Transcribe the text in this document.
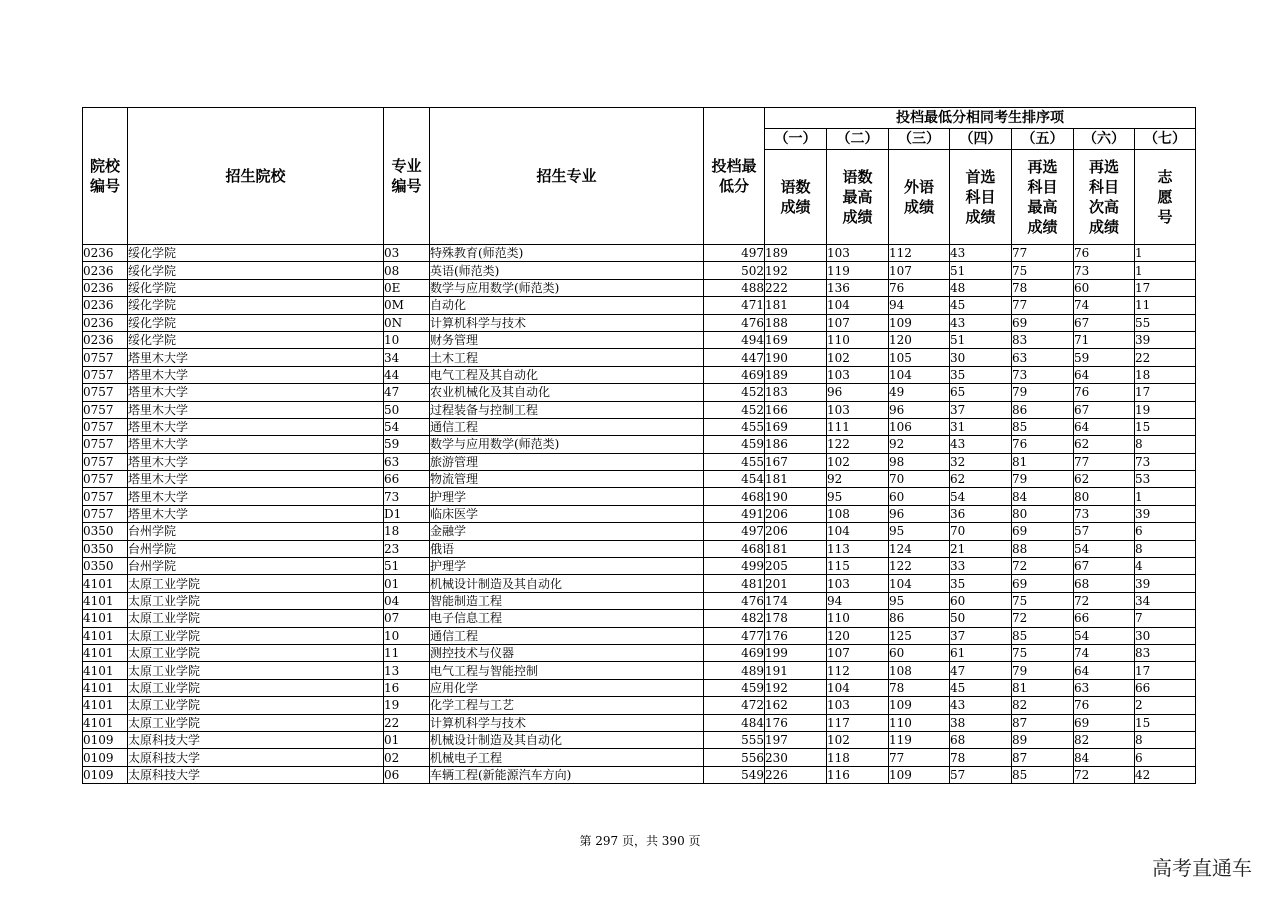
院校编号	招生院校	专业编号	招生专业	投档最低分	投档最低分相同考生排序项						
					（一）	（二）	（三）	（四）	（五）	（六）	（七）
					语数成绩	语数最高成绩	外语成绩	首选科目成绩	再选科目最高成绩	再选科目次高成绩	志愿号
0236	绥化学院	03	特殊教育(师范类)	497	189	103	112	43	77	76	1
0236	绥化学院	08	英语(师范类)	502	192	119	107	51	75	73	1
0236	绥化学院	0E	数学与应用数学(师范类)	488	222	136	76	48	78	60	17
0236	绥化学院	0M	自动化	471	181	104	94	45	77	74	11
0236	绥化学院	0N	计算机科学与技术	476	188	107	109	43	69	67	55
0236	绥化学院	10	财务管理	494	169	110	120	51	83	71	39
0757	塔里木大学	34	土木工程	447	190	102	105	30	63	59	22
0757	塔里木大学	44	电气工程及其自动化	469	189	103	104	35	73	64	18
0757	塔里木大学	47	农业机械化及其自动化	452	183	96	49	65	79	76	17
0757	塔里木大学	50	过程装备与控制工程	452	166	103	96	37	86	67	19
0757	塔里木大学	54	通信工程	455	169	111	106	31	85	64	15
0757	塔里木大学	59	数学与应用数学(师范类)	459	186	122	92	43	76	62	8
0757	塔里木大学	63	旅游管理	455	167	102	98	32	81	77	73
0757	塔里木大学	66	物流管理	454	181	92	70	62	79	62	53
0757	塔里木大学	73	护理学	468	190	95	60	54	84	80	1
0757	塔里木大学	D1	临床医学	491	206	108	96	36	80	73	39
0350	台州学院	18	金融学	497	206	104	95	70	69	57	6
0350	台州学院	23	俄语	468	181	113	124	21	88	54	8
0350	台州学院	51	护理学	499	205	115	122	33	72	67	4
4101	太原工业学院	01	机械设计制造及其自动化	481	201	103	104	35	69	68	39
4101	太原工业学院	04	智能制造工程	476	174	94	95	60	75	72	34
4101	太原工业学院	07	电子信息工程	482	178	110	86	50	72	66	7
4101	太原工业学院	10	通信工程	477	176	120	125	37	85	54	30
4101	太原工业学院	11	测控技术与仪器	469	199	107	60	61	75	74	83
4101	太原工业学院	13	电气工程与智能控制	489	191	112	108	47	79	64	17
4101	太原工业学院	16	应用化学	459	192	104	78	45	81	63	66
4101	太原工业学院	19	化学工程与工艺	472	162	103	109	43	82	76	2
4101	太原工业学院	22	计算机科学与技术	484	176	117	110	38	87	69	15
0109	太原科技大学	01	机械设计制造及其自动化	555	197	102	119	68	89	82	8
0109	太原科技大学	02	机械电子工程	556	230	118	77	78	87	84	6
0109	太原科技大学	06	车辆工程(新能源汽车方向)	549	226	116	109	57	85	72	42
第 297 页，共 390 页
高考直通车
